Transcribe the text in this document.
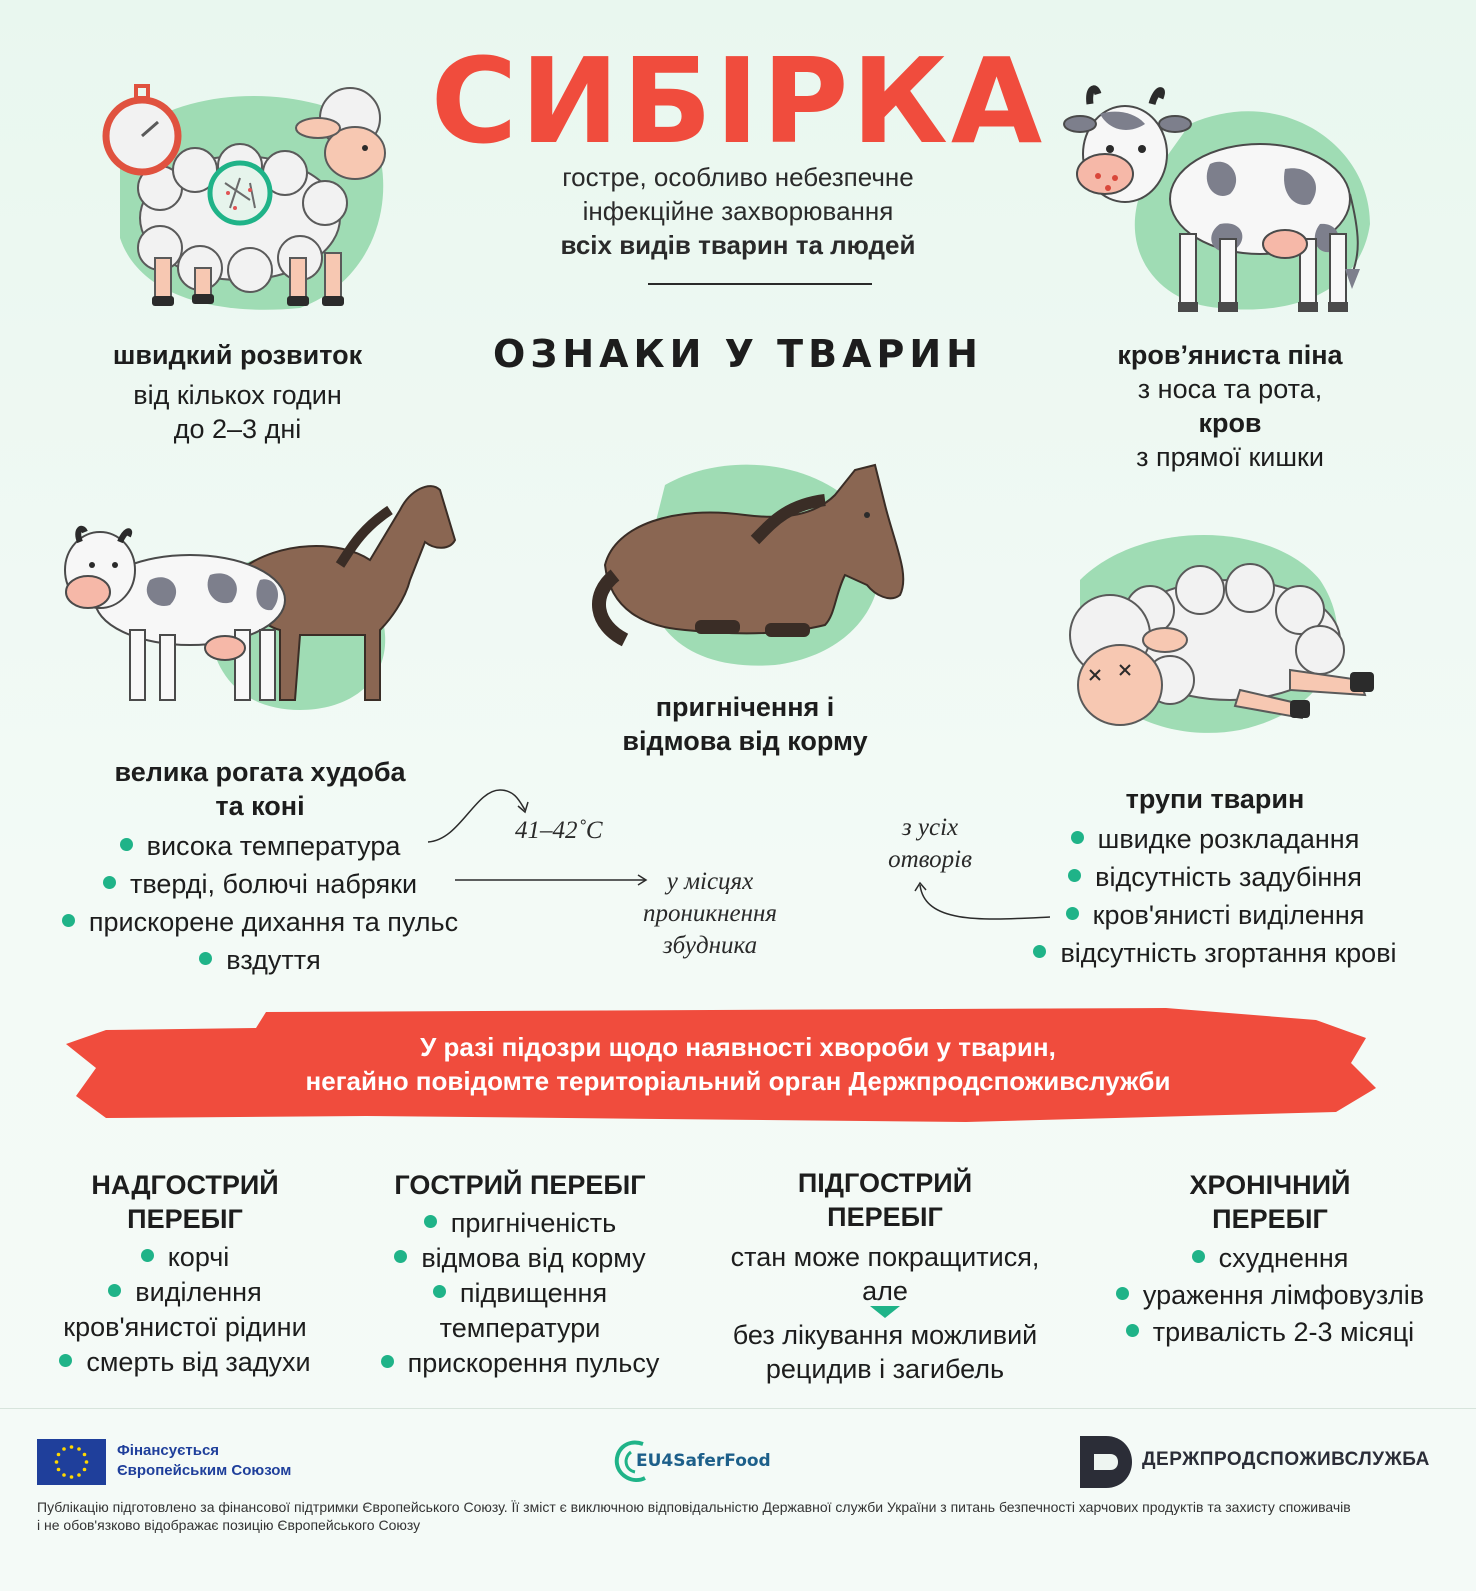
СИБІРКА
гостре, особливо небезпечне
інфекційне захворювання
всіх видів тварин та людей
ОЗНАКИ У ТВАРИН
швидкий розвиток
від кількох годин
до 2–3 дні
кров’яниста піна
з носа та рота,
кров
з прямої кишки
пригнічення і
відмова від корму
велика рогата худоба
та коні
висока температура
тверді, болючі набряки
прискорене дихання та пульс
вздуття
41–42˚С
у місцях
проникнення
збудника
з усіх
отворів
трупи тварин
швидке розкладання
відсутність задубіння
кров'янисті виділення
відсутність згортання крові
У разі підозри щодо наявності хвороби у тварин,
негайно повідомте територіальний орган Держпродспоживслужби
НАДГОСТРИЙ
ПЕРЕБІГ
корчі
виділення
кров'янистої рідини
смерть від задухи
ГОСТРИЙ ПЕРЕБІГ
пригніченість
відмова від корму
підвищення
температури
прискорення пульсу
ПІДГОСТРИЙ
ПЕРЕБІГ
стан може покращитися,
але
без лікування можливий
рецидив і загибель
ХРОНІЧНИЙ
ПЕРЕБІГ
схуднення
ураження лімфовузлів
тривалість 2-3 місяці
Фінансується
Європейським Союзом	EU4SaferFood	ДЕРЖПРОДСПОЖИВСЛУЖБА
Публікацію підготовлено за фінансової підтримки Європейського Союзу. Її зміст є виключною відповідальністю Державної служби України з питань безпечності харчових продуктів та захисту споживачів
і не обов'язково відображає позицію Європейського Союзу
